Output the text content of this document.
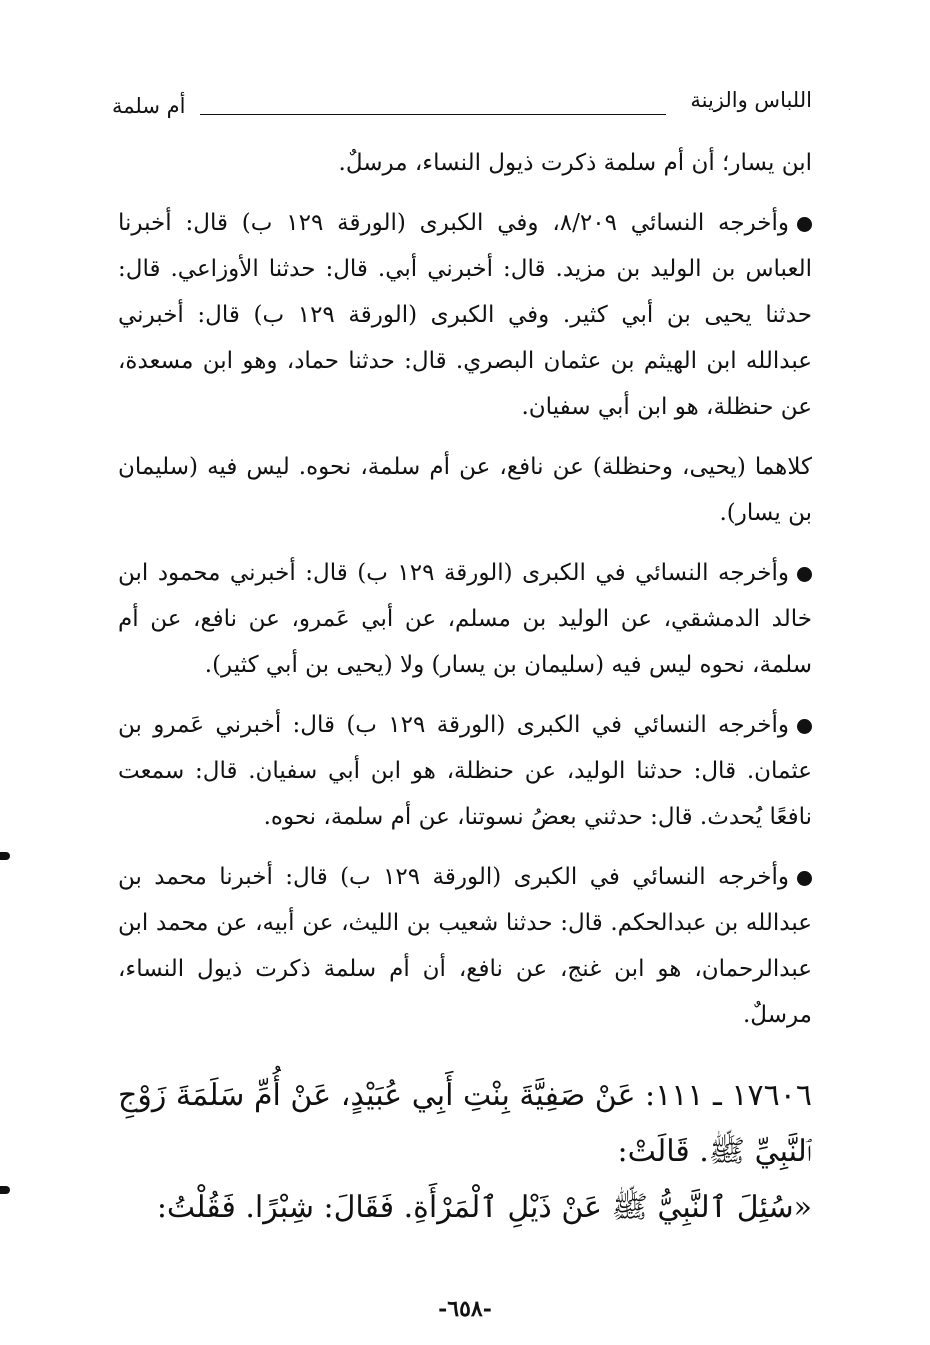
اللباس والزينة
أم سلمة

ابن يسار؛ أن أم سلمة ذكرت ذيول النساء، مرسلٌ.

وأخرجه النسائي ٨/٢٠٩، وفي الكبرى (الورقة ١٢٩ ب) قال: أخبرنا العباس بن الوليد بن مزيد. قال: أخبرني أبي. قال: حدثنا الأوزاعي. قال: حدثنا يحيى بن أبي كثير. وفي الكبرى (الورقة ١٢٩ ب) قال: أخبرني عبدالله ابن الهيثم بن عثمان البصري. قال: حدثنا حماد، وهو ابن مسعدة، عن حنظلة، هو ابن أبي سفيان.

كلاهما (يحيى، وحنظلة) عن نافع، عن أم سلمة، نحوه. ليس فيه (سليمان بن يسار).

وأخرجه النسائي في الكبرى (الورقة ١٢٩ ب) قال: أخبرني محمود ابن خالد الدمشقي، عن الوليد بن مسلم، عن أبي عَمرو، عن نافع، عن أم سلمة، نحوه ليس فيه (سليمان بن يسار) ولا (يحيى بن أبي كثير).

وأخرجه النسائي في الكبرى (الورقة ١٢٩ ب) قال: أخبرني عَمرو بن عثمان. قال: حدثنا الوليد، عن حنظلة، هو ابن أبي سفيان. قال: سمعت نافعًا يُحدث. قال: حدثني بعضُ نسوتنا، عن أم سلمة، نحوه.

وأخرجه النسائي في الكبرى (الورقة ١٢٩ ب) قال: أخبرنا محمد بن عبدالله بن عبدالحكم. قال: حدثنا شعيب بن الليث، عن أبيه، عن محمد ابن عبدالرحمان، هو ابن غنج، عن نافع، أن أم سلمة ذكرت ذيول النساء، مرسلٌ.

١٧٦٠٦ ـ ١١١: عَنْ صَفِيَّةَ بِنْتِ أَبِي عُبَيْدٍ، عَنْ أُمِّ سَلَمَةَ زَوْجِ ٱلنَّبِيِّ ﷺ. قَالَتْ:

«سُئِلَ ٱلنَّبِيُّ ﷺ عَنْ ذَيْلِ ٱلْمَرْأَةِ. فَقَالَ: شِبْرًا. فَقُلْتُ:

-٦٥٨-
